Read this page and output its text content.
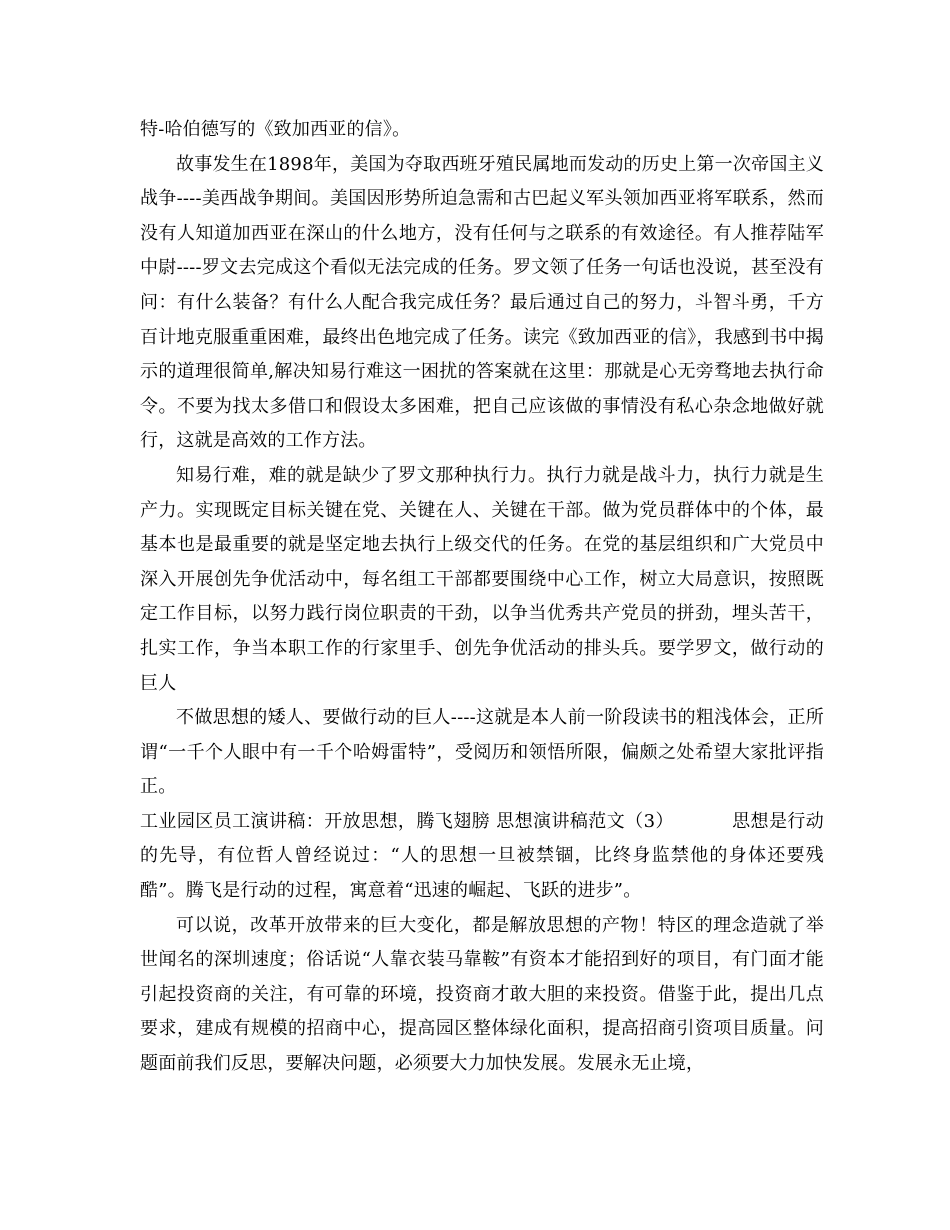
特-哈伯德写的《致加西亚的信》。

故事发生在1898年，美国为夺取西班牙殖民属地而发动的历史上第一次帝国主义战争----美西战争期间。美国因形势所迫急需和古巴起义军头领加西亚将军联系，然而没有人知道加西亚在深山的什么地方，没有任何与之联系的有效途径。有人推荐陆军中尉----罗文去完成这个看似无法完成的任务。罗文领了任务一句话也没说，甚至没有问：有什么装备？有什么人配合我完成任务？最后通过自己的努力，斗智斗勇，千方百计地克服重重困难，最终出色地完成了任务。读完《致加西亚的信》，我感到书中揭示的道理很简单,解决知易行难这一困扰的答案就在这里：那就是心无旁骛地去执行命令。不要为找太多借口和假设太多困难，把自己应该做的事情没有私心杂念地做好就行，这就是高效的工作方法。

知易行难，难的就是缺少了罗文那种执行力。执行力就是战斗力，执行力就是生产力。实现既定目标关键在党、关键在人、关键在干部。做为党员群体中的个体，最基本也是最重要的就是坚定地去执行上级交代的任务。在党的基层组织和广大党员中深入开展创先争优活动中，每名组工干部都要围绕中心工作，树立大局意识，按照既定工作目标，以努力践行岗位职责的干劲，以争当优秀共产党员的拼劲，埋头苦干，扎实工作，争当本职工作的行家里手、创先争优活动的排头兵。要学罗文，做行动的巨人

不做思想的矮人、要做行动的巨人----这就是本人前一阶段读书的粗浅体会，正所谓“一千个人眼中有一千个哈姆雷特”，受阅历和领悟所限，偏颇之处希望大家批评指正。

工业园区员工演讲稿：开放思想，腾飞翅膀 思想演讲稿范文（3）	思想是行动的先导，有位哲人曾经说过：“人的思想一旦被禁锢，比终身监禁他的身体还要残酷”。腾飞是行动的过程，寓意着“迅速的崛起、飞跃的进步”。

可以说，改革开放带来的巨大变化，都是解放思想的产物！特区的理念造就了举世闻名的深圳速度；俗话说“人靠衣装马靠鞍”有资本才能招到好的项目，有门面才能引起投资商的关注，有可靠的环境，投资商才敢大胆的来投资。借鉴于此，提出几点要求，建成有规模的招商中心，提高园区整体绿化面积，提高招商引资项目质量。问题面前我们反思，要解决问题，必须要大力加快发展。发展永无止境，
